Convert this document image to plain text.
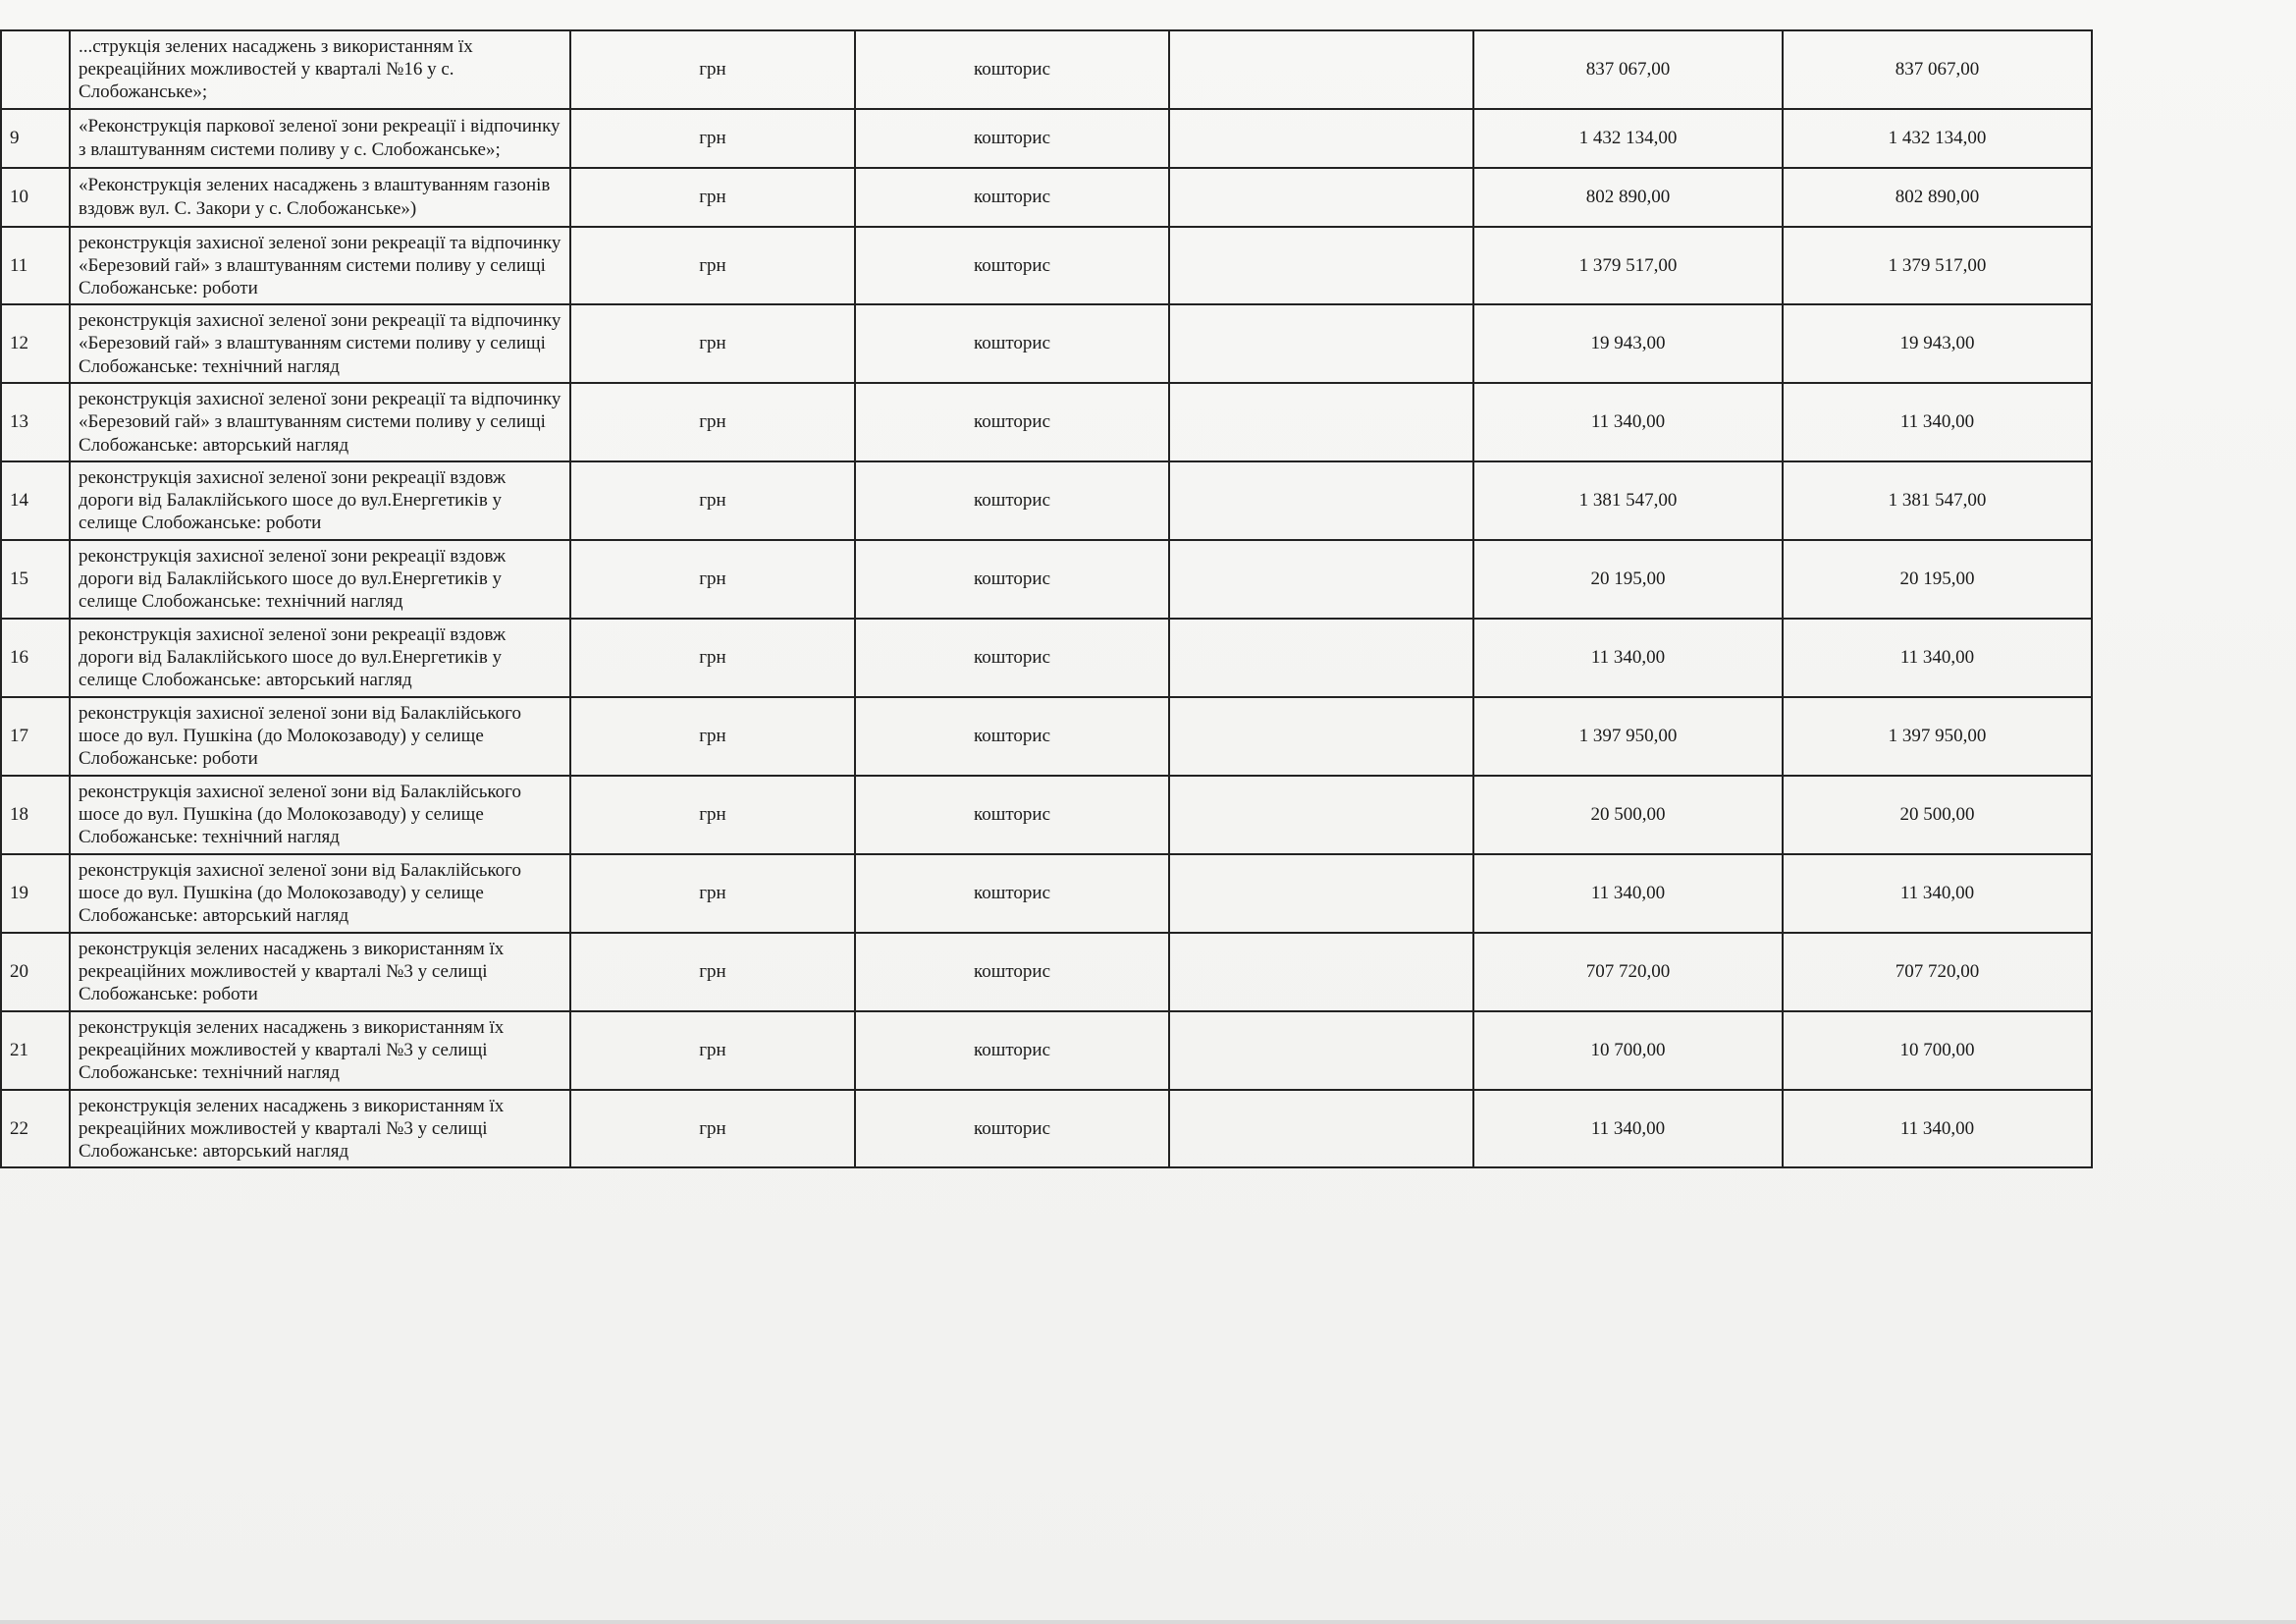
	...струкція зелених насаджень з використанням їх рекреаційних можливостей у кварталі №16 у с. Слобожанське»;	грн	кошторис		837 067,00	837 067,00
9	«Реконструкція паркової зеленої зони рекреації і відпочинку з влаштуванням системи поливу у с. Слобожанське»;	грн	кошторис		1 432 134,00	1 432 134,00
10	«Реконструкція зелених насаджень з влаштуванням газонів вздовж вул. С. Закори у с. Слобожанське»)	грн	кошторис		802 890,00	802 890,00
11	реконструкція захисної зеленої зони рекреації та відпочинку «Березовий гай» з влаштуванням системи поливу у селищі Слобожанське: роботи	грн	кошторис		1 379 517,00	1 379 517,00
12	реконструкція захисної зеленої зони рекреації та відпочинку «Березовий гай» з влаштуванням системи поливу у селищі Слобожанське: технічний нагляд	грн	кошторис		19 943,00	19 943,00
13	реконструкція захисної зеленої зони рекреації та відпочинку «Березовий гай» з влаштуванням системи поливу у селищі Слобожанське: авторський нагляд	грн	кошторис		11 340,00	11 340,00
14	реконструкція захисної зеленої зони рекреації вздовж дороги від Балаклійського шосе до вул.Енергетиків у селище Слобожанське: роботи	грн	кошторис		1 381 547,00	1 381 547,00
15	реконструкція захисної зеленої зони рекреації вздовж дороги від Балаклійського шосе до вул.Енергетиків у селище Слобожанське: технічний нагляд	грн	кошторис		20 195,00	20 195,00
16	реконструкція захисної зеленої зони рекреації вздовж дороги від Балаклійського шосе до вул.Енергетиків у селище Слобожанське: авторський нагляд	грн	кошторис		11 340,00	11 340,00
17	реконструкція захисної зеленої зони від Балаклійського шосе до вул. Пушкіна (до Молокозаводу) у селище Слобожанське: роботи	грн	кошторис		1 397 950,00	1 397 950,00
18	реконструкція захисної зеленої зони від Балаклійського шосе до вул. Пушкіна (до Молокозаводу) у селище Слобожанське: технічний нагляд	грн	кошторис		20 500,00	20 500,00
19	реконструкція захисної зеленої зони від Балаклійського шосе до вул. Пушкіна (до Молокозаводу) у селище Слобожанське: авторський нагляд	грн	кошторис		11 340,00	11 340,00
20	реконструкція зелених насаджень з використанням їх рекреаційних можливостей у кварталі №3 у селищі Слобожанське: роботи	грн	кошторис		707 720,00	707 720,00
21	реконструкція зелених насаджень з використанням їх рекреаційних можливостей у кварталі №3 у селищі Слобожанське: технічний нагляд	грн	кошторис		10 700,00	10 700,00
22	реконструкція зелених насаджень з використанням їх рекреаційних можливостей у кварталі №3 у селищі Слобожанське: авторський нагляд	грн	кошторис		11 340,00	11 340,00
